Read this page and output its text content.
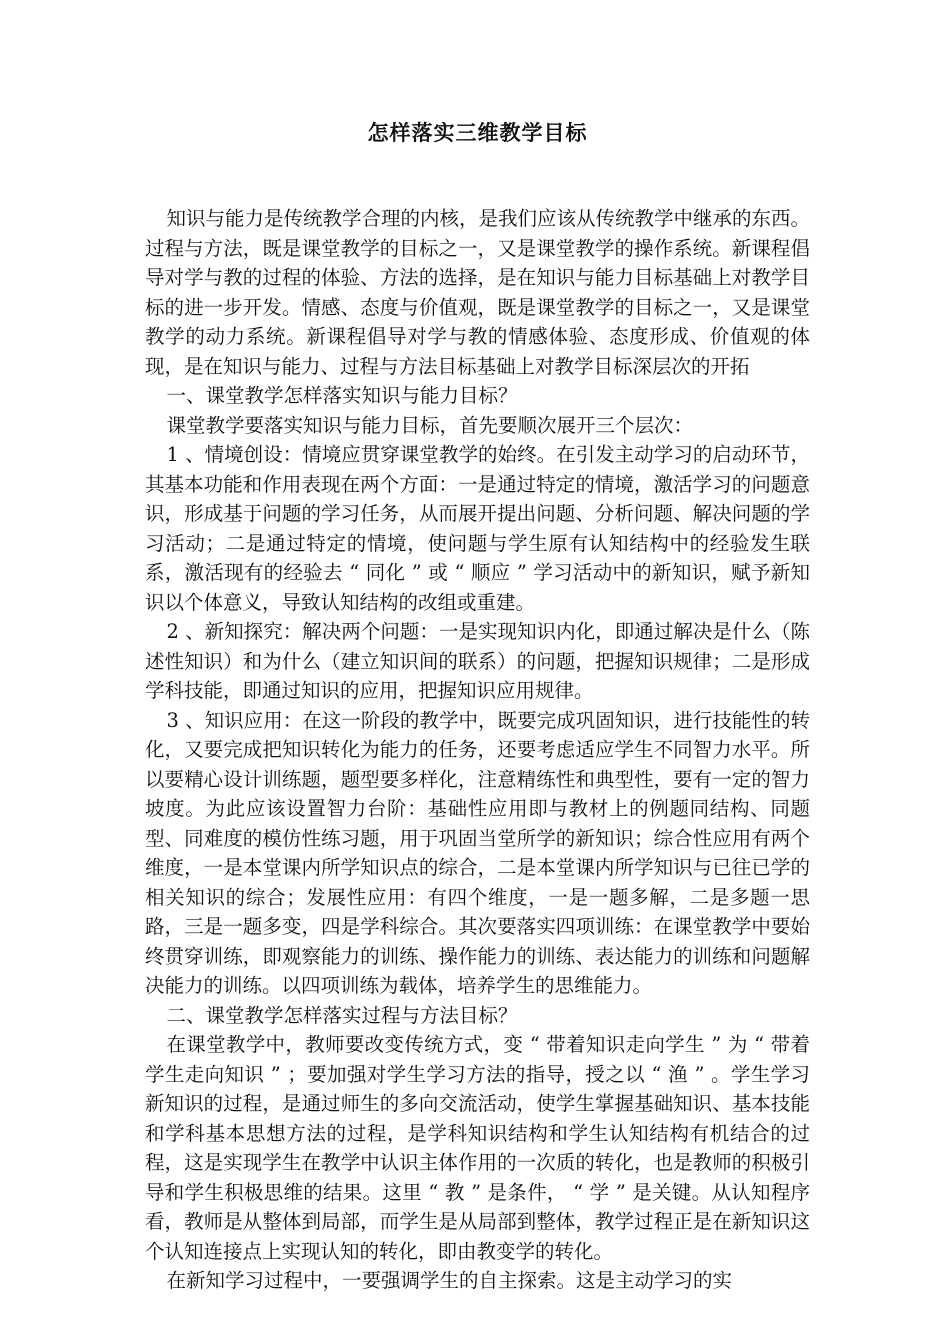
怎样落实三维教学目标

知识与能力是传统教学合理的内核，是我们应该从传统教学中继承的东西。过程与方法，既是课堂教学的目标之一，又是课堂教学的操作系统。新课程倡导对学与教的过程的体验、方法的选择，是在知识与能力目标基础上对教学目标的进一步开发。情感、态度与价值观，既是课堂教学的目标之一，又是课堂教学的动力系统。新课程倡导对学与教的情感体验、态度形成、价值观的体现，是在知识与能力、过程与方法目标基础上对教学目标深层次的开拓

一、课堂教学怎样落实知识与能力目标？

课堂教学要落实知识与能力目标，首先要顺次展开三个层次：

1 、情境创设：情境应贯穿课堂教学的始终。在引发主动学习的启动环节，其基本功能和作用表现在两个方面：一是通过特定的情境，激活学习的问题意识，形成基于问题的学习任务，从而展开提出问题、分析问题、解决问题的学习活动；二是通过特定的情境，使问题与学生原有认知结构中的经验发生联系，激活现有的经验去 “ 同化 ” 或 “ 顺应 ” 学习活动中的新知识，赋予新知识以个体意义，导致认知结构的改组或重建。

2 、新知探究：解决两个问题：一是实现知识内化，即通过解决是什么（陈述性知识）和为什么（建立知识间的联系）的问题，把握知识规律；二是形成学科技能，即通过知识的应用，把握知识应用规律。

3 、知识应用：在这一阶段的教学中，既要完成巩固知识，进行技能性的转化，又要完成把知识转化为能力的任务，还要考虑适应学生不同智力水平。所以要精心设计训练题，题型要多样化，注意精练性和典型性，要有一定的智力坡度。为此应该设置智力台阶：基础性应用即与教材上的例题同结构、同题型、同难度的模仿性练习题，用于巩固当堂所学的新知识；综合性应用有两个维度，一是本堂课内所学知识点的综合，二是本堂课内所学知识与已往已学的相关知识的综合；发展性应用：有四个维度，一是一题多解，二是多题一思路，三是一题多变，四是学科综合。其次要落实四项训练：在课堂教学中要始终贯穿训练，即观察能力的训练、操作能力的训练、表达能力的训练和问题解决能力的训练。以四项训练为载体，培养学生的思维能力。

二、课堂教学怎样落实过程与方法目标？

在课堂教学中，教师要改变传统方式，变 “ 带着知识走向学生 ” 为 “ 带着学生走向知识 ” ；要加强对学生学习方法的指导，授之以 “ 渔 ” 。学生学习新知识的过程，是通过师生的多向交流活动，使学生掌握基础知识、基本技能和学科基本思想方法的过程，是学科知识结构和学生认知结构有机结合的过程，这是实现学生在教学中认识主体作用的一次质的转化，也是教师的积极引导和学生积极思维的结果。这里 “ 教 ” 是条件， “ 学 ” 是关键。从认知程序看，教师是从整体到局部，而学生是从局部到整体，教学过程正是在新知识这个认知连接点上实现认知的转化，即由教变学的转化。

在新知学习过程中，一要强调学生的自主探索。这是主动学习的实
